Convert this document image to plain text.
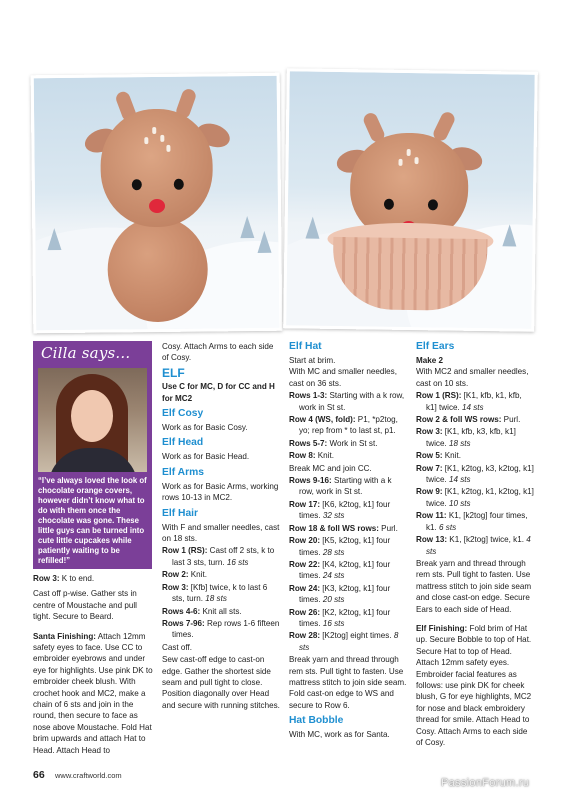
Cilla says...
“I’ve always loved the look of chocolate orange covers, however didn’t know what to do with them once the chocolate was gone. These little guys can be turned into cute little cupcakes while patiently waiting to be refilled!”

Row 3: K to end.

Cast off p-wise. Gather sts in centre of Moustache and pull tight. Secure to Beard.

Santa Finishing: Attach 12mm safety eyes to face. Use CC to embroider eyebrows and under eye for highlights. Use pink DK to embroider cheek blush. With crochet hook and MC2, make a chain of 6 sts and join in the round, then secure to face as nose above Moustache. Fold Hat brim upwards and attach Hat to Head. Attach Head to

Cosy. Attach Arms to each side of Cosy.

ELF

Use C for MC, D for CC and H for MC2

Elf Cosy

Work as for Basic Cosy.

Elf Head

Work as for Basic Head.

Elf Arms

Work as for Basic Arms, working rows 10-13 in MC2.

Elf Hair

With F and smaller needles, cast on 18 sts.

Row 1 (RS): Cast off 2 sts, k to last 3 sts, turn. 16 sts

Row 2: Knit.

Row 3: [Kfb] twice, k to last 6 sts, turn. 18 sts

Rows 4-6: Knit all sts.

Rows 7-96: Rep rows 1-6 fifteen times.

Cast off.

Sew cast-off edge to cast-on edge. Gather the shortest side seam and pull tight to close. Position diagonally over Head and secure with running stitches.

Elf Hat

Start at brim.

With MC and smaller needles, cast on 36 sts.

Rows 1-3: Starting with a k row, work in St st.

Row 4 (WS, fold): P1, *p2tog, yo; rep from * to last st, p1.

Rows 5-7: Work in St st.

Row 8: Knit.

Break MC and join CC.

Rows 9-16: Starting with a k row, work in St st.

Row 17: [K6, k2tog, k1] four times. 32 sts

Row 18 & foll WS rows: Purl.

Row 20: [K5, k2tog, k1] four times. 28 sts

Row 22: [K4, k2tog, k1] four times. 24 sts

Row 24: [K3, k2tog, k1] four times. 20 sts

Row 26: [K2, k2tog, k1] four times. 16 sts

Row 28: [K2tog] eight times. 8 sts

Break yarn and thread through rem sts. Pull tight to fasten. Use mattress stitch to join side seam. Fold cast-on edge to WS and secure to Row 6.

Hat Bobble

With MC, work as for Santa.

Elf Ears

Make 2

With MC2 and smaller needles, cast on 10 sts.

Row 1 (RS): [K1, kfb, k1, kfb, k1] twice. 14 sts

Row 2 & foll WS rows: Purl.

Row 3: [K1, kfb, k3, kfb, k1] twice. 18 sts

Row 5: Knit.

Row 7: [K1, k2tog, k3, k2tog, k1] twice. 14 sts

Row 9: [K1, k2tog, k1, k2tog, k1] twice. 10 sts

Row 11: K1, [k2tog] four times, k1. 6 sts

Row 13: K1, [k2tog] twice, k1. 4 sts

Break yarn and thread through rem sts. Pull tight to fasten. Use mattress stitch to join side seam and close cast-on edge. Secure Ears to each side of Head.

Elf Finishing: Fold brim of Hat up. Secure Bobble to top of Hat. Secure Hat to top of Head. Attach 12mm safety eyes. Embroider facial features as follows: use pink DK for cheek blush, G for eye highlights, MC2 for nose and black embroidery thread for smile. Attach Head to Cosy. Attach Arms to each side of Cosy.

66 www.craftworld.com
PassionForum.ru
